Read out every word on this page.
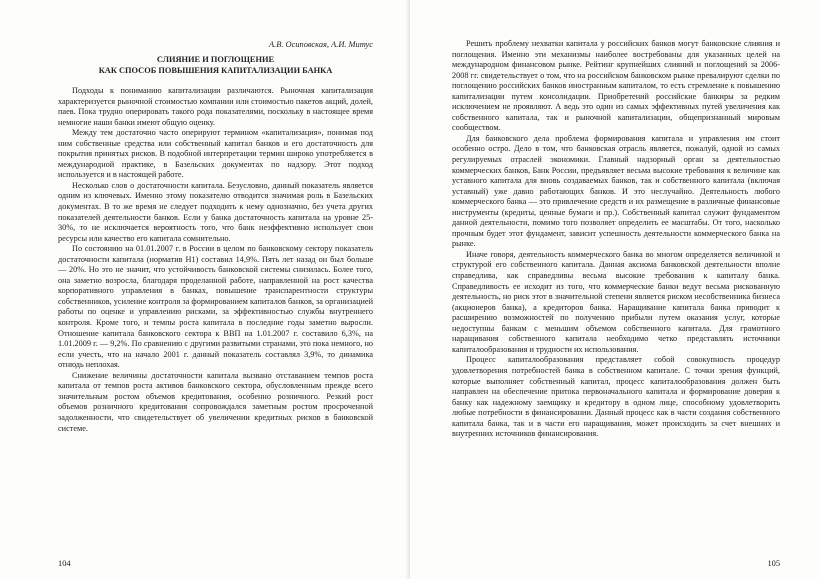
А.В. Осиповская, А.И. Митус
СЛИЯНИЕ И ПОГЛОЩЕНИЕ
КАК СПОСОБ ПОВЫШЕНИЯ КАПИТАЛИЗАЦИИ БАНКА

Подходы к пониманию капитализации различаются. Рыночная капитализация характеризуется рыночной стоимостью компании или стоимостью пакетов акций, долей, паев. Пока трудно оперировать такого рода показателями, поскольку в настоящее время немногие наши банки имеют общую оценку.

Между тем достаточно часто оперируют термином «капитализация», понимая под ним собственные средства или собственный капитал банков и его достаточность для покрытия принятых рисков. В подобной интерпретации термин широко употребляется в международной практике, в Базельских документах по надзору. Этот подход используется и в настоящей работе.

Несколько слов о достаточности капитала. Безусловно, данный показатель является одним из ключевых. Именно этому показателю отводится значимая роль в Базельских документах. В то же время не следует подходить к нему однозначно, без учета других показателей деятельности банков. Если у банка достаточность капитала на уровне 25-30%, то не исключается вероятность того, что банк неэффективно использует свои ресурсы или качество его капитала сомнительно.

По состоянию на 01.01.2007 г. в России в целом по банковскому сектору показатель достаточности капитала (норматив Н1) составил 14,9%. Пять лет назад он был больше — 20%. Но это не значит, что устойчивость банковской системы снизилась. Более того, она заметно возросла, благодаря проделанной работе, направленной на рост качества корпоративного управления в банках, повышение транспарентности структуры собственников, усиление контроля за формированием капиталов банков, за организацией работы по оценке и управлению рисками, за эффективностью службы внутреннего контроля. Кроме того, и темпы роста капитала в последние годы заметно выросли. Отношение капитала банковского сектора к ВВП на 1.01.2007 г. составило 6,3%, на 1.01.2009 г. — 9,2%. По сравнению с другими развитыми странами, это пока немного, но если учесть, что на начало 2001 г. данный показатель составлял 3,9%, то динамика отнюдь неплохая.

Снижение величины достаточности капитала вызвано отставанием темпов роста капитала от темпов роста активов банковского сектора, обусловленным прежде всего значительным ростом объемов кредитования, особенно розничного. Резкий рост объемов розничного кредитования сопровождался заметным ростом просроченной задолженности, что свидетельствует об увеличении кредитных рисков в банковской системе.

104

Решить проблему нехватки капитала у российских банков могут банковские слияния и поглощения. Именно эти механизмы наиболее востребованы для указанных целей на международном финансовом рынке. Рейтинг крупнейших слияний и поглощений за 2006-2008 гг. свидетельствует о том, что на российском банковском рынке превалируют сделки по поглощению российских банков иностранным капиталом, то есть стремление к повышению капитализации путем консолидации. Приобретений российские банкиры за редким исключением не проявляют. А ведь это один из самых эффективных путей увеличения как собственного капитала, так и рыночной капитализации, общепризнанный мировым сообществом.

Для банковского дела проблема формирования капитала и управления им стоит особенно остро. Дело в том, что банковская отрасль является, пожалуй, одной из самых регулируемых отраслей экономики. Главный надзорный орган за деятельностью коммерческих банков, Банк России, предъявляет весьма высокие требования к величине как уставного капитала для вновь создаваемых банков, так и собственного капитала (включая уставный) уже давно работающих банков. И это неслучайно. Деятельность любого коммерческого банка — это привлечение средств и их размещение в различные финансовые инструменты (кредиты, ценные бумаги и пр.). Собственный капитал служит фундаментом данной деятельности, помимо того позволяет определить ее масштабы. От того, насколько прочным будет этот фундамент, зависит успешность деятельности коммерческого банка на рынке.

Иначе говоря, деятельность коммерческого банка во многом определяется величиной и структурой его собственного капитала. Данная аксиома банковской деятельности вполне справедлива, как справедливы весьма высокие требования к капиталу банка. Справедливость ее исходит из того, что коммерческие банки ведут весьма рискованную деятельность, но риск этот в значительной степени является риском несобственника бизнеса (акционеров банка), а кредиторов банка. Наращивание капитала банка приводит к расширению возможностей по получению прибыли путем оказания услуг, которые недоступны банкам с меньшим объемом собственного капитала. Для грамотного наращивания собственного капитала необходимо четко представлять источники капиталообразования и трудности их использования.

Процесс капиталообразования представляет собой совокупность процедур удовлетворения потребностей банка в собственном капитале. С точки зрения функций, которые выполняет собственный капитал, процесс капиталообразования должен быть направлен на обеспечение притока первоначального капитала и формирование доверия к банку как надежному заемщику и кредитору в одном лице, способному удовлетворить любые потребности в финансировании. Данный процесс как в части создания собственного капитала банка, так и в части его наращивания, может происходить за счет внешних и внутренних источников финансирования.

105
